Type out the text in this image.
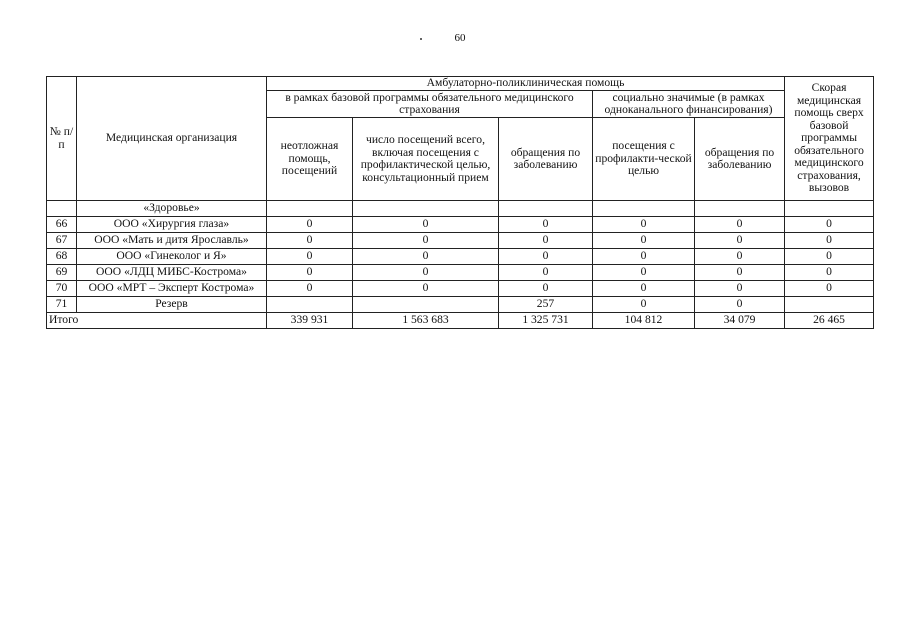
60
№ п/п	Медицинская организация	Амбулаторно-поликлиническая помощь					Скорая медицинская помощь сверх базовой программы обязательного медицинского страхования, вызовов
		в рамках базовой программы обязательного медицинского страхования			социально значимые (в рамках одноканального финансирования)		
		неотложная помощь, посещений	число посещений всего, включая посещения с профилактической целью, консультационный прием	обращения по заболеванию	посещения с профилакти-ческой целью	обращения по заболеванию	
	«Здоровье»						
66	ООО «Хирургия глаза»	0	0	0	0	0	0
67	ООО «Мать и дитя Ярославль»	0	0	0	0	0	0
68	ООО «Гинеколог и Я»	0	0	0	0	0	0
69	ООО «ЛДЦ МИБС-Кострома»	0	0	0	0	0	0
70	ООО «МРТ – Эксперт Кострома»	0	0	0	0	0	0
71	Резерв			257	0	0	
Итого		339 931	1 563 683	1 325 731	104 812	34 079	26 465
